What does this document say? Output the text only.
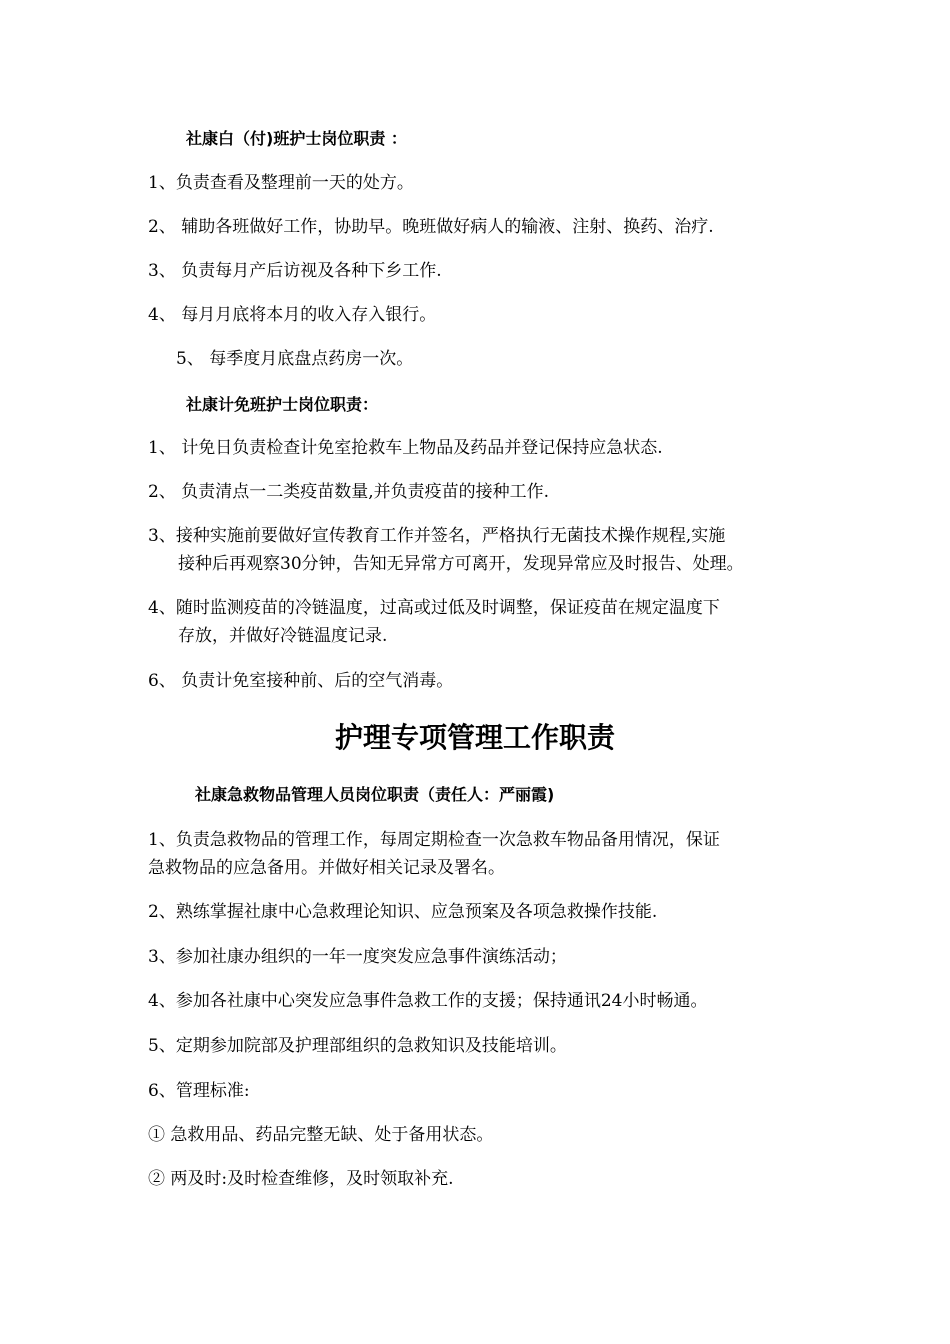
社康白（付)班护士岗位职责 ：

1、负责查看及整理前一天的处方。

2、 辅助各班做好工作，协助早。晚班做好病人的输液、注射、换药、治疗.

3、 负责每月产后访视及各种下乡工作.

4、 每月月底将本月的收入存入银行。

5、 每季度月底盘点药房一次。

社康计免班护士岗位职责：

1、 计免日负责检查计免室抢救车上物品及药品并登记保持应急状态.

2、 负责清点一二类疫苗数量,并负责疫苗的接种工作.

3、接种实施前要做好宣传教育工作并签名，严格执行无菌技术操作规程,实施

接种后再观察30分钟，告知无异常方可离开，发现异常应及时报告、处理。

4、随时监测疫苗的冷链温度，过高或过低及时调整，保证疫苗在规定温度下

存放，并做好冷链温度记录.

6、 负责计免室接种前、后的空气消毒。

护理专项管理工作职责

社康急救物品管理人员岗位职责（责任人：严丽霞)

1、负责急救物品的管理工作，每周定期检查一次急救车物品备用情况，保证

急救物品的应急备用。并做好相关记录及署名。

2、熟练掌握社康中心急救理论知识、应急预案及各项急救操作技能.

3、参加社康办组织的一年一度突发应急事件演练活动；

4、参加各社康中心突发应急事件急救工作的支援；保持通讯24小时畅通。

5、定期参加院部及护理部组织的急救知识及技能培训。

6、管理标准:

① 急救用品、药品完整无缺、处于备用状态。

② 两及时:及时检查维修，及时领取补充.
